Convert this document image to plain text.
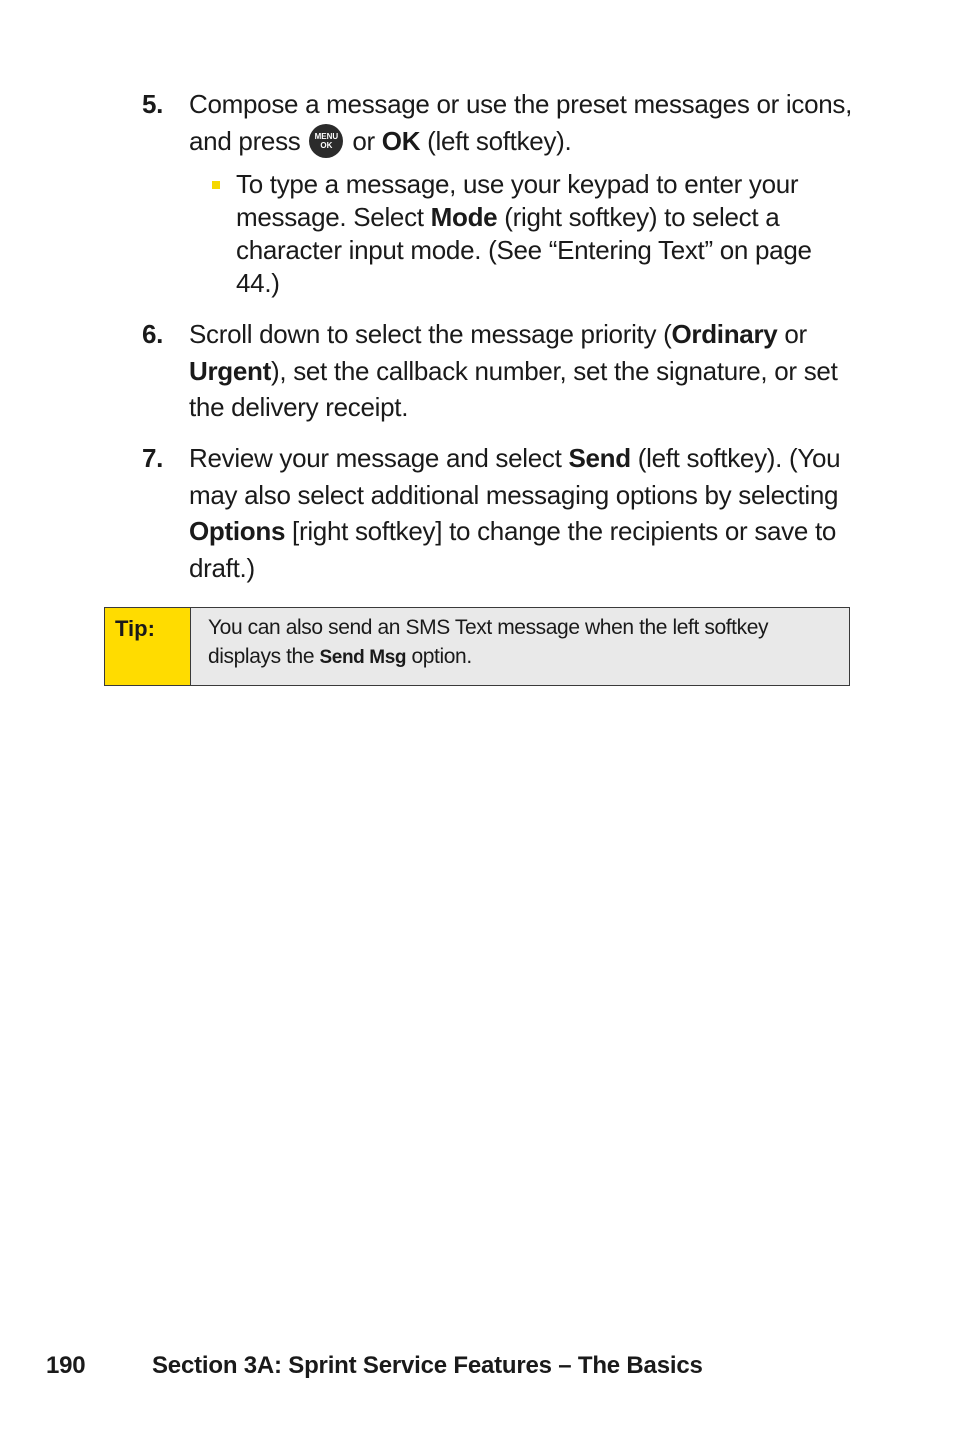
5. Compose a message or use the preset messages or icons, and press MENU
OK or OK (left softkey).
To type a message, use your keypad to enter your message. Select Mode (right softkey) to select a character input mode. (See “Entering Text” on page 44.)
6. Scroll down to select the message priority (Ordinary or Urgent), set the callback number, set the signature, or set the delivery receipt.
7. Review your message and select Send (left softkey). (You may also select additional messaging options by selecting Options [right softkey] to change the recipients or save to draft.)
Tip:	You can also send an SMS Text message when the left softkey displays the Send Msg option.
190	Section 3A: Sprint Service Features – The Basics
